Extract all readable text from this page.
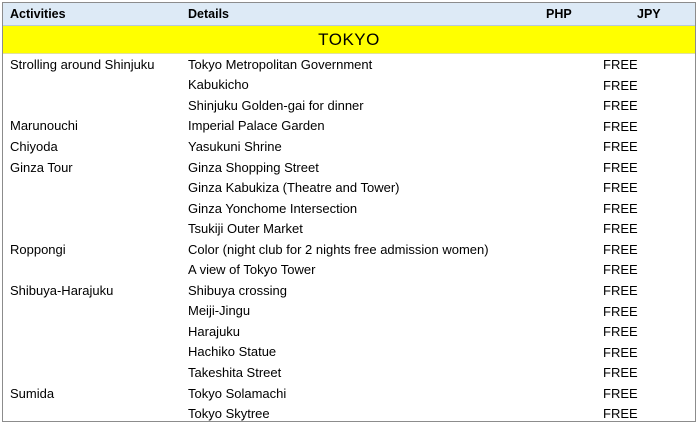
Activities	Details	PHP	JPY
TOKYO			
Strolling around Shinjuku	Tokyo Metropolitan Government		FREE

	Kabukicho		FREE

	Shinjuku Golden-gai for dinner		FREE

Marunouchi	Imperial Palace Garden		FREE

Chiyoda	Yasukuni Shrine		FREE

Ginza Tour	Ginza Shopping Street		FREE

	Ginza Kabukiza (Theatre and Tower)		FREE

	Ginza Yonchome Intersection		FREE

	Tsukiji Outer Market		FREE

Roppongi	Color (night club for 2 nights free admission women)		FREE

	A view of Tokyo Tower		FREE

Shibuya-Harajuku	Shibuya crossing		FREE

	Meiji-Jingu		FREE

	Harajuku		FREE

	Hachiko Statue		FREE

	Takeshita Street		FREE

Sumida	Tokyo Solamachi		FREE

	Tokyo Skytree		FREE
